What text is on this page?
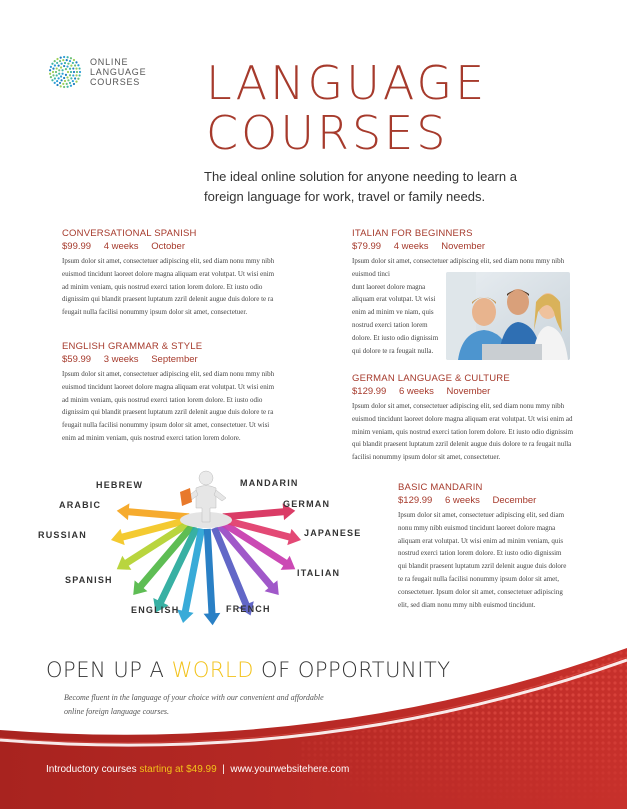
ONLINE
LANGUAGE
COURSES LANGUAGE
COURSES
The ideal online solution for anyone needing to learn a foreign language for work, travel or family needs.
CONVERSATIONAL SPANISH
$99.99 4 weeks October
Ipsum dolor sit amet, consectetuer adipiscing elit, sed diam nonu mmy nibh euismod tincidunt laoreet dolore magna aliquam erat volutpat. Ut wisi enim ad minim veniam, quis nostrud exerci tation lorem dolore. Et iusto odio dignissim qui blandit praesent luptatum zzril delenit augue duis dolore te ra feugait nulla facilisi nonummy ipsum dolor sit amet, consectetuer.
ENGLISH GRAMMAR & STYLE
$59.99 3 weeks September
Ipsum dolor sit amet, consectetuer adipiscing elit, sed diam nonu mmy nibh euismod tincidunt laoreet dolore magna aliquam erat volutpat. Ut wisi enim ad minim veniam, quis nostrud exerci tation lorem dolore. Et iusto odio dignissim qui blandit praesent luptatum zzril delenit augue duis dolore te ra feugait nulla facilisi nonummy ipsum dolor sit amet, consectetuer. Ut wisi enim ad minim veniam, quis nostrud exerci tation lorem dolore.
ITALIAN FOR BEGINNERS
$79.99 4 weeks November
Ipsum dolor sit amet, consectetuer adipiscing elit, sed diam nonu mmy nibh euismod tinci
dunt laoreet dolore magna aliquam erat volutpat. Ut wisi enim ad minim ve niam, quis nostrud exerci tation lorem dolore. Et iusto odio dignissim qui dolore te ra feugait nulla.
GERMAN LANGUAGE & CULTURE
$129.99 6 weeks November
Ipsum dolor sit amet, consectetuer adipiscing elit, sed diam nonu mmy nibh euismod tincidunt laoreet dolore magna aliquam erat volutpat. Ut wisi enim ad minim veniam, quis nostrud exerci tation lorem dolore. Et iusto odio dignissim qui blandit praesent luptatum zzril delenit augue duis dolore te ra feugait nulla facilisi nonummy ipsum dolor sit amet, consectetuer.
BASIC MANDARIN
$129.99 6 weeks December
Ipsum dolor sit amet, consectetuer adipiscing elit, sed diam nonu mmy nibh euismod tincidunt laoreet dolore magna aliquam erat volutpat. Ut wisi enim ad minim veniam, quis nostrud exerci tation lorem dolore. Et iusto odio dignissim qui blandit praesent luptatum zzril delenit augue duis dolore te ra feugait nulla facilisi nonummy ipsum dolor sit amet, consectetuer. Ipsum dolor sit amet, consectetuer adipiscing elit, sed diam nonu mmy nibh euismod tincidunt.
HEBREW	MANDARIN
ARABIC	GERMAN
RUSSIAN	JAPANESE
SPANISH
ITALIAN
ENGLISH	FRENCH
OPEN UP A WORLD OF OPPORTUNITY
Become fluent in the language of your choice with our convenient and affordable online foreign language courses.
Introductory courses starting at $49.99  |  www.yourwebsitehere.com
